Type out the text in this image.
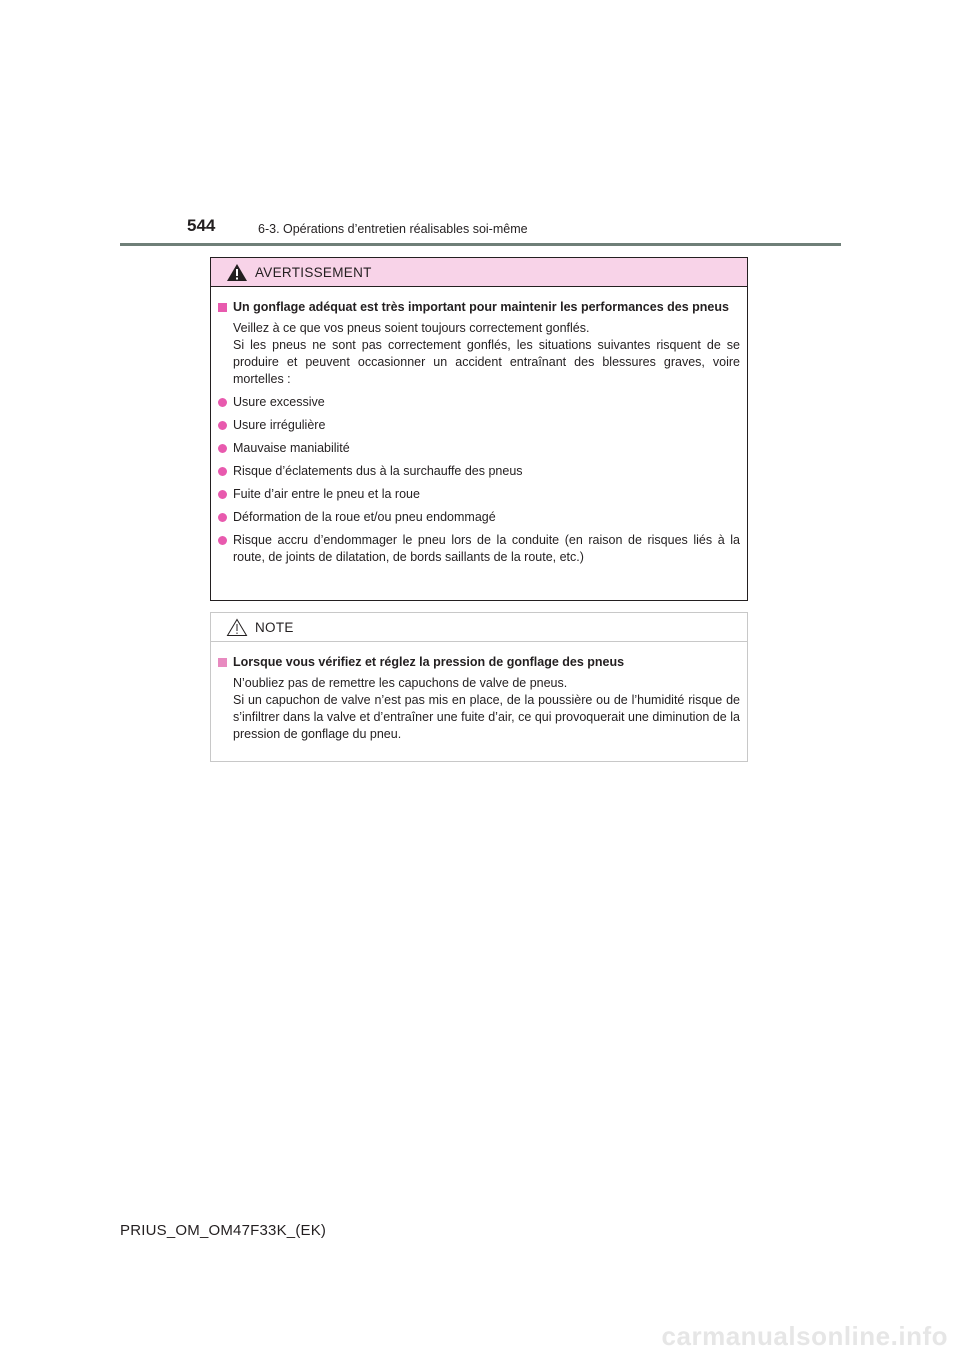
544	6-3. Opérations d’entretien réalisables soi-même
AVERTISSEMENT
Un gonflage adéquat est très important pour maintenir les performances des pneus

Veillez à ce que vos pneus soient toujours correctement gonflés.

Si les pneus ne sont pas correctement gonflés, les situations suivantes risquent de se produire et peuvent occasionner un accident entraînant des blessures graves, voire mortelles :

Usure excessive
Usure irrégulière
Mauvaise maniabilité
Risque d’éclatements dus à la surchauffe des pneus
Fuite d’air entre le pneu et la roue
Déformation de la roue et/ou pneu endommagé
Risque accru d’endommager le pneu lors de la conduite (en raison de risques liés à la route, de joints de dilatation, de bords saillants de la route, etc.)
NOTE
Lorsque vous vérifiez et réglez la pression de gonflage des pneus

N’oubliez pas de remettre les capuchons de valve de pneus.

Si un capuchon de valve n’est pas mis en place, de la poussière ou de l’humidité risque de s’infiltrer dans la valve et d’entraîner une fuite d’air, ce qui provoquerait une diminution de la pression de gonflage du pneu.

PRIUS_OM_OM47F33K_(EK)
carmanualsonline.info
